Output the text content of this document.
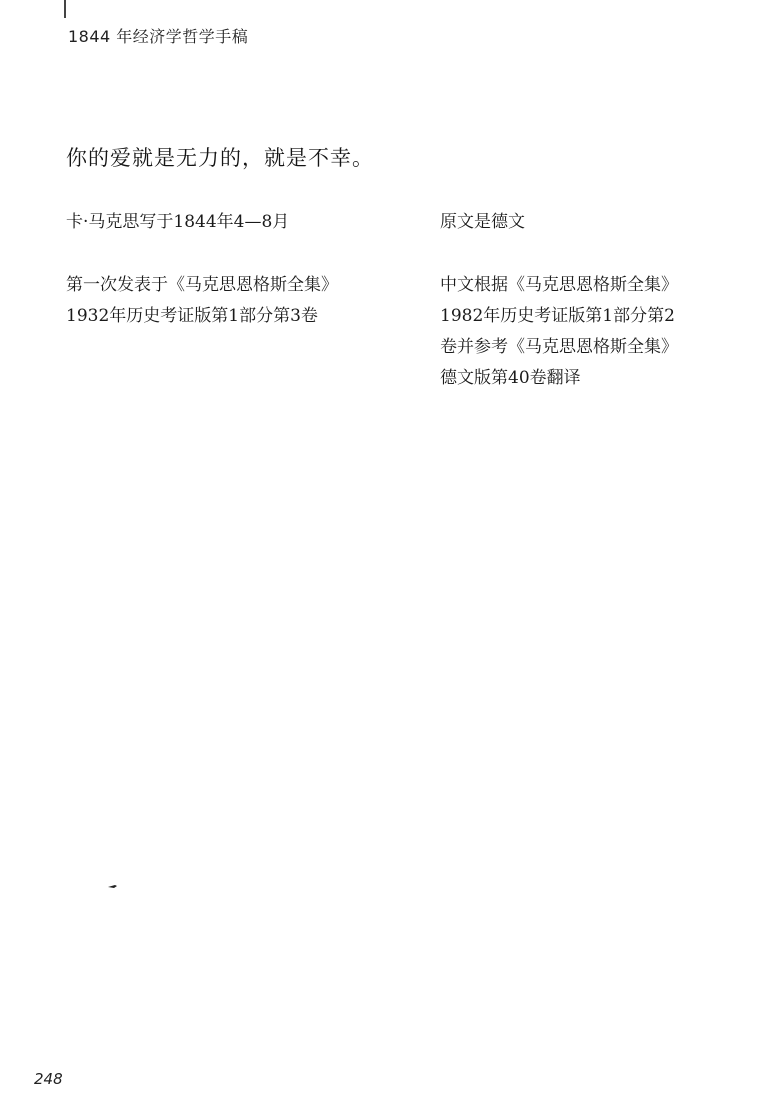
1844 年经济学哲学手稿
你的爱就是无力的，就是不幸。
卡·马克思写于1844年4—8月	原文是德文
第一次发表于《马克思恩格斯全集》
1932年历史考证版第1部分第3卷
中文根据《马克思恩格斯全集》
1982年历史考证版第1部分第2
卷并参考《马克思恩格斯全集》
德文版第40卷翻译
248
